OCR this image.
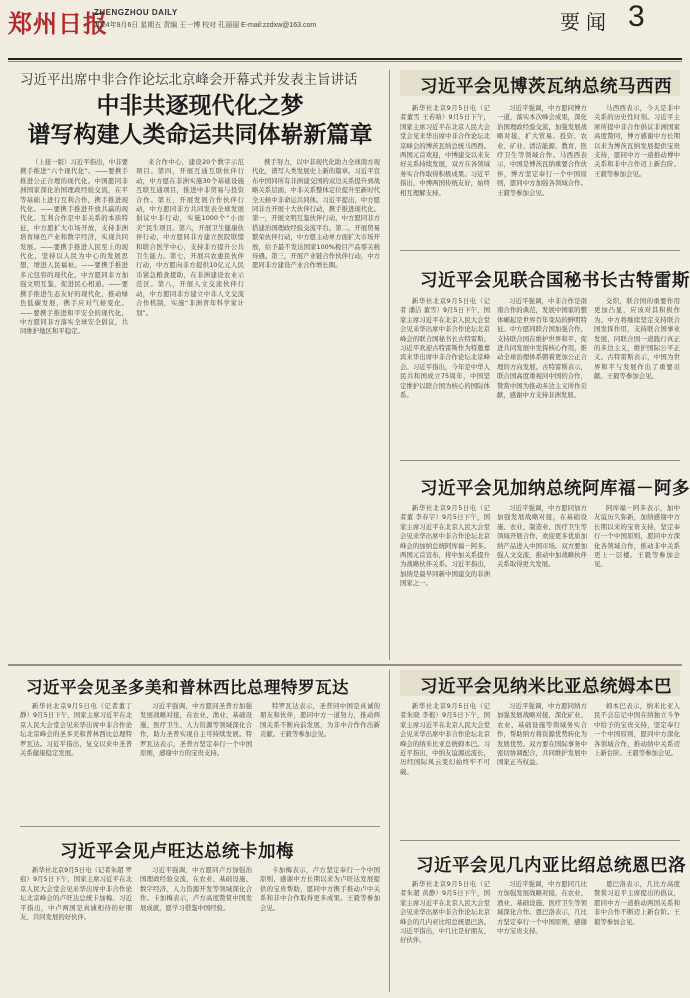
郑州日报
ZHENGZHOU DAILY
2024年9月6日 星期五 责编 王一博 校对 孔丽丽 E-mail:zzdxw@163.com	要闻 3
习近平出席中非合作论坛北京峰会开幕式并发表主旨讲话
中非共逐现代化之梦
谱写构建人类命运共同体崭新篇章

（上接一版）习近平指出，中非要携手推进“六个现代化”。——要携手推进公正合理的现代化。中国愿同非洲国家深化治国理政经验交流，在平等基础上进行互利合作，携手推进现代化。——要携手推进开放共赢的现代化。互利合作是中非关系的本质特征，中方愿扩大市场开放，支持非洲培育绿色产业和数字经济，实现共同发展。——要携手推进人民至上的现代化，坚持以人民为中心的发展思想，增进人民福祉。——要携手推进多元包容的现代化，中方愿同非方加强文明互鉴，促进民心相通。——要携手推进生态友好的现代化，推动绿色低碳发展，携手应对气候变化。——要携手推进和平安全的现代化，中方愿同非方落实全球安全倡议，共同维护地区和平稳定。

来合作中心，建设20个数字示范项目。第四，开展互通互联伙伴行动，中方愿在非洲实施30个基础设施互联互通项目，推进中非贸易与投资合作。第五，开展发展合作伙伴行动，中方愿同非方共同发表全球发展倡议中非行动，实施1000个“小而美”民生项目。第六，开展卫生健康伙伴行动，中方愿同非方建立医院联盟和联合医学中心，支持非方提升公共卫生能力。第七，开展兴农惠民伙伴行动，中方愿向非方提供10亿元人民币紧急粮食援助，在非洲建设农业示范区。第八，开展人文交流伙伴行动，中方愿同非方建立中非人文交流合作机制，实施“非洲青年科学家计划”。

携手努力，以中非现代化助力全球南方现代化，谱写人类发展史上新的篇章。习近平宣布中国同所有非洲建交国的双边关系提升到战略关系层面，中非关系整体定位提升至新时代全天候中非命运共同体。习近平提出，中方愿同非方开展十大伙伴行动，携手推进现代化。第一，开展文明互鉴伙伴行动，中方愿同非方搭建治国理政经验交流平台。第二，开展贸易繁荣伙伴行动，中方愿主动单方面扩大市场开放，给予最不发达国家100%税目产品零关税待遇。第三，开展产业链合作伙伴行动，中方愿同非方建设产业合作增长圈。

习近平会见博茨瓦纳总统马西西

新华社北京9月5日电（记者董雪 王若晗）9月5日下午，国家主席习近平在北京人民大会堂会见来华出席中非合作论坛北京峰会的博茨瓦纳总统马西西。两国元首欢迎，中博建交以来友好关系持续发展，双方在各领域务实合作取得积极成果。习近平指出，中博两国传统友好，始终相互理解支持。

习近平强调，中方愿同博方一道，落实本次峰会成果，深化治国理政经验交流，加强发展战略对接，扩大贸易、投资、农业、矿业、清洁能源、教育、医疗卫生等领域合作。马西西表示，中国是博茨瓦纳重要合作伙伴，博方坚定奉行一个中国原则，愿同中方加强各领域合作。王毅等参加会见。

马西西表示，今天是非中关系的历史性时刻。习近平主席所提中非合作倡议非洲国家高度赞同，博方感谢中方长期以来为博茨瓦纳发展提供宝贵支持，愿同中方一道推动博中关系和非中合作迈上新台阶。王毅等参加会见。

习近平会见联合国秘书长古特雷斯

新华社北京9月5日电（记者 潘洁 董雪）9月5日下午，国家主席习近平在北京人民大会堂会见来华出席中非合作论坛北京峰会的联合国秘书长古特雷斯。习近平欢迎古特雷斯作为特邀嘉宾来华出席中非合作论坛北京峰会。习近平指出，今年是中华人民共和国成立75周年，中国坚定维护以联合国为核心的国际体系。

习近平强调，中非合作是南南合作的典范，发展中国家的整体崛起是世界百年变局的鲜明特征。中方愿同联合国加强合作，支持联合国在维护世界和平、促进共同发展中发挥核心作用，推动全球治理体系朝着更加公正合理的方向发展。古特雷斯表示，联合国高度重视同中国的合作，赞赏中国为推动多边主义所作贡献，感谢中方支持非洲发展。

交织，联合国的重要作用更加凸显，应该对其积极作为。中方将继续坚定支持联合国发挥作用，支持联合国事业发展，同联合国一道践行真正的多边主义，维护国际公平正义。古特雷斯表示，中国为世界和平与发展作出了重要贡献。王毅等参加会见。

习近平会见加纳总统阿库福－阿多

新华社北京9月5日电（记者董 李春宇）9月5日下午，国家主席习近平在北京人民大会堂会见来华出席中非合作论坛北京峰会的加纳总统阿库福－阿多。两国元首宣布，将中加关系提升为战略伙伴关系。习近平指出，加纳是最早同新中国建交的非洲国家之一。

习近平强调，中方愿同加方加强发展战略对接，在基础设施、农业、制造业、医疗卫生等领域开展合作，欢迎更多优质加纳产品进入中国市场。双方要加强人文交流，推动中加战略伙伴关系取得更大发展。

阿库福－阿多表示，加中友谊历久弥新，加纳感谢中方长期以来的宝贵支持，坚定奉行一个中国原则，愿同中方深化各领域合作，推动非中关系更上一层楼。王毅等参加会见。

习近平会见圣多美和普林西比总理特罗瓦达

新华社北京9月5日电（记者董丁静）9月5日下午，国家主席习近平在北京人民大会堂会见来华出席中非合作论坛北京峰会的圣多美和普林西比总理特罗瓦达。习近平指出，复交以来中圣普关系健康稳定发展。

习近平强调，中方愿同圣普方加强发展战略对接，在农业、渔业、基础设施、医疗卫生、人力资源等领域深化合作，助力圣普实现自主可持续发展。特罗瓦达表示，圣普方坚定奉行一个中国原则，感谢中方的宝贵支持。

特罗瓦达表示，圣普同中国是真诚的朋友和伙伴，愿同中方一道努力，推动两国关系不断向前发展，为非中合作作出新贡献。王毅等参加会见。

习近平会见纳米比亚总统姆本巴

新华社北京9月5日电（记者朱晓 李根）9月5日下午，国家主席习近平在北京人民大会堂会见来华出席中非合作论坛北京峰会的纳米比亚总统姆本巴。习近平指出，中纳友谊源远流长，历经国际风云变幻始终牢不可破。

习近平强调，中方愿同纳方加强发展战略对接，深化矿业、农业、基础设施等领域务实合作，帮助纳方将资源优势转化为发展优势。双方要在国际事务中密切协调配合，共同维护发展中国家正当权益。

姆本巴表示，纳米比亚人民不会忘记中国在纳独立斗争中给予的宝贵支持，坚定奉行一个中国原则，愿同中方深化各领域合作，推动纳中关系迈上新台阶。王毅等参加会见。

习近平会见卢旺达总统卡加梅

新华社北京9月5日电（记者朱超 罗痕）9月5日下午，国家主席习近平在北京人民大会堂会见来华出席中非合作论坛北京峰会的卢旺达总统卡加梅。习近平指出，中卢两国是真诚相待的好朋友、共同发展的好伙伴。

习近平强调，中方愿同卢方加强治国理政经验交流，在农业、基础设施、数字经济、人力资源开发等领域深化合作。卡加梅表示，卢方高度赞赏中国发展成就，愿学习借鉴中国经验。

卡加梅表示，卢方坚定奉行一个中国原则，感谢中方长期以来为卢旺达发展提供的宝贵帮助，愿同中方携手推动卢中关系和非中合作取得更多成果。王毅等参加会见。

习近平会见几内亚比绍总统恩巴洛

新华社北京9月5日电（记者朱超 黄静）9月5日下午，国家主席习近平在北京人民大会堂会见来华出席中非合作论坛北京峰会的几内亚比绍总统恩巴洛。习近平指出，中几比是好朋友、好伙伴。

习近平强调，中方愿同几比方加强发展战略对接，在农业、渔业、基础设施、医疗卫生等领域深化合作。恩巴洛表示，几比方坚定奉行一个中国原则，感谢中方宝贵支持。

恩巴洛表示，几比方高度赞赏习近平主席提出的倡议，愿同中方一道推动两国关系和非中合作不断迈上新台阶。王毅等参加会见。
